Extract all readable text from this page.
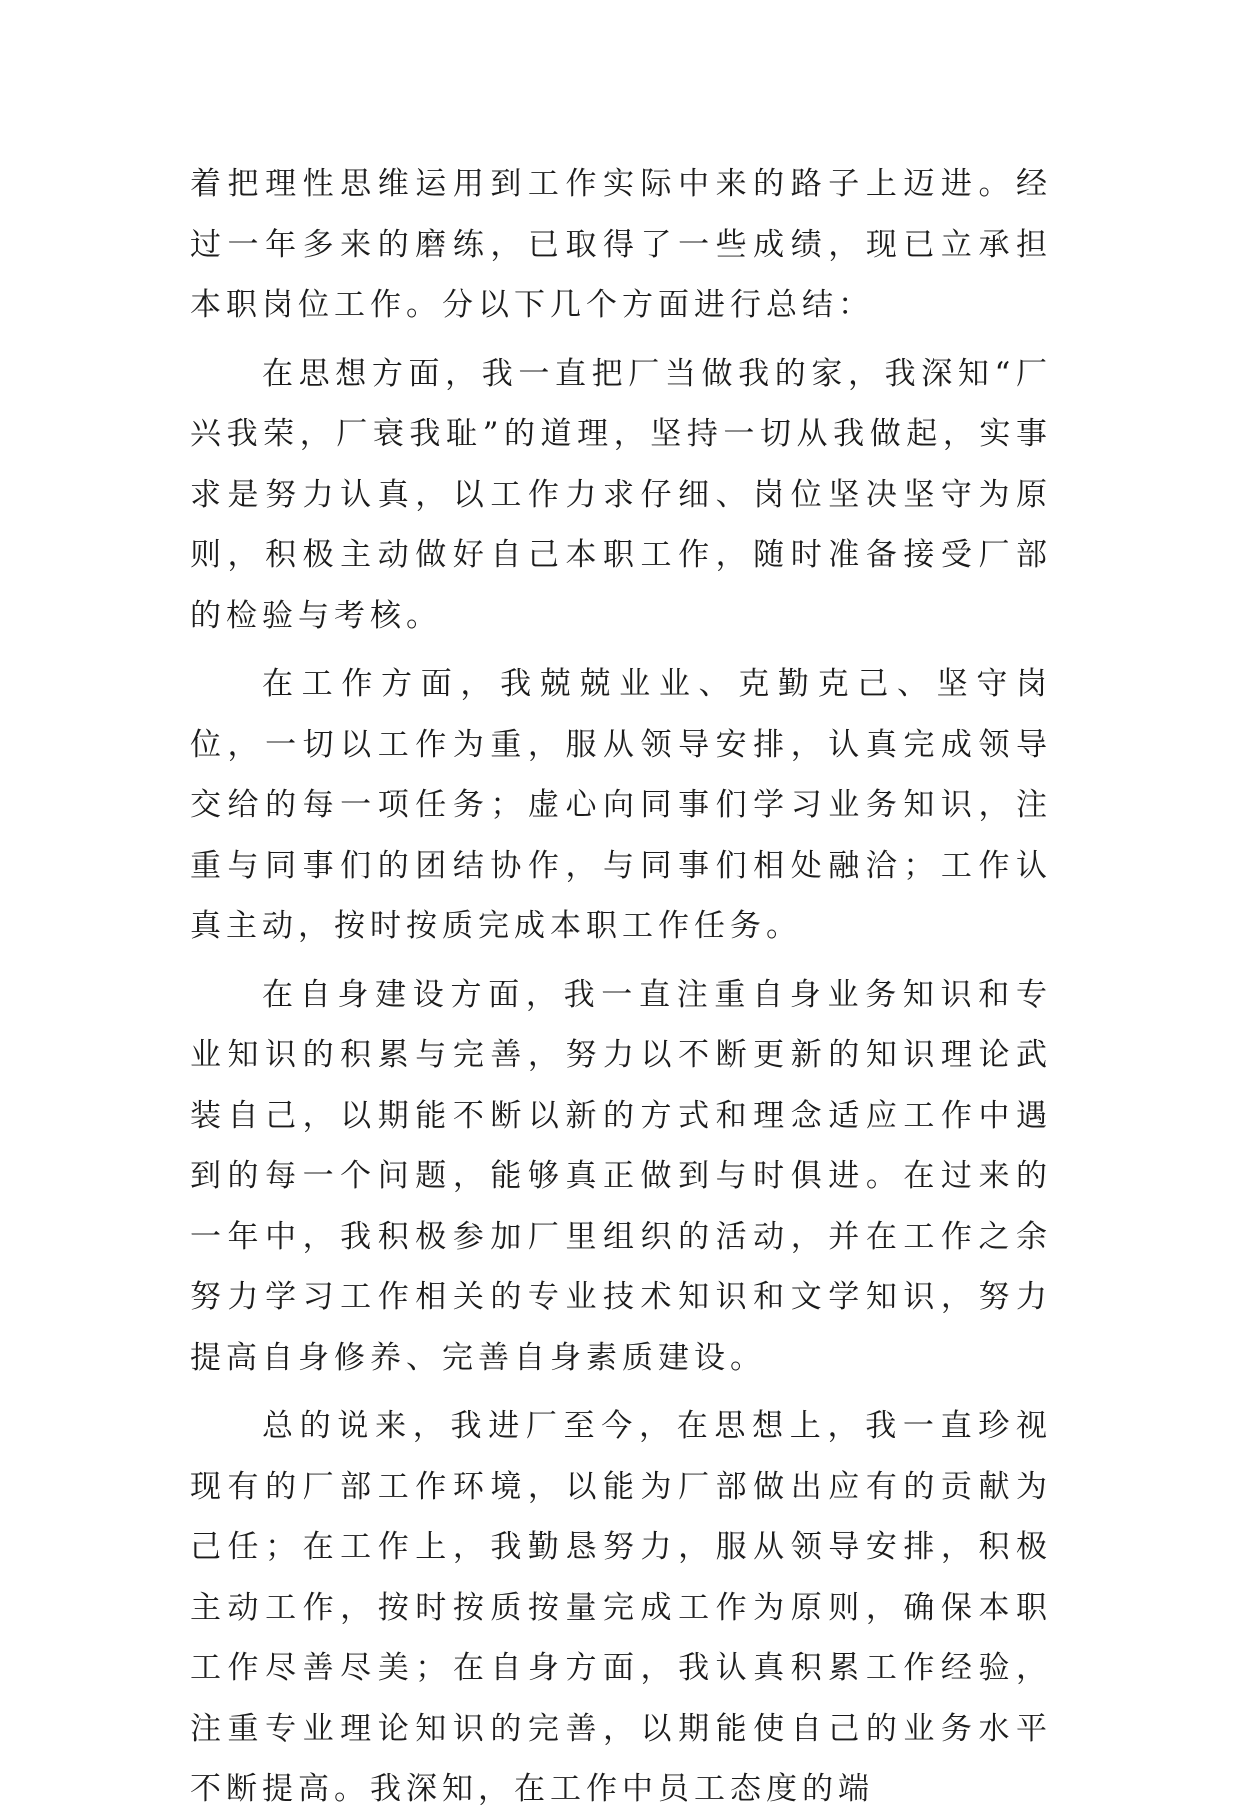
着把理性思维运用到工作实际中来的路子上迈进。经过一年多来的磨练，已取得了一些成绩，现已立承担本职岗位工作。分以下几个方面进行总结：

在思想方面，我一直把厂当做我的家，我深知“厂兴我荣，厂衰我耻”的道理，坚持一切从我做起，实事求是努力认真，以工作力求仔细、岗位坚决坚守为原则，积极主动做好自己本职工作，随时准备接受厂部的检验与考核。

在工作方面，我兢兢业业、克勤克己、坚守岗位，一切以工作为重，服从领导安排，认真完成领导交给的每一项任务；虚心向同事们学习业务知识，注重与同事们的团结协作，与同事们相处融洽；工作认真主动，按时按质完成本职工作任务。

在自身建设方面，我一直注重自身业务知识和专业知识的积累与完善，努力以不断更新的知识理论武装自己，以期能不断以新的方式和理念适应工作中遇到的每一个问题，能够真正做到与时俱进。在过来的一年中，我积极参加厂里组织的活动，并在工作之余努力学习工作相关的专业技术知识和文学知识，努力提高自身修养、完善自身素质建设。

总的说来，我进厂至今，在思想上，我一直珍视现有的厂部工作环境，以能为厂部做出应有的贡献为己任；在工作上，我勤恳努力，服从领导安排，积极主动工作，按时按质按量完成工作为原则，确保本职工作尽善尽美；在自身方面，我认真积累工作经验，注重专业理论知识的完善，以期能使自己的业务水平不断提高。我深知，在工作中员工态度的端
